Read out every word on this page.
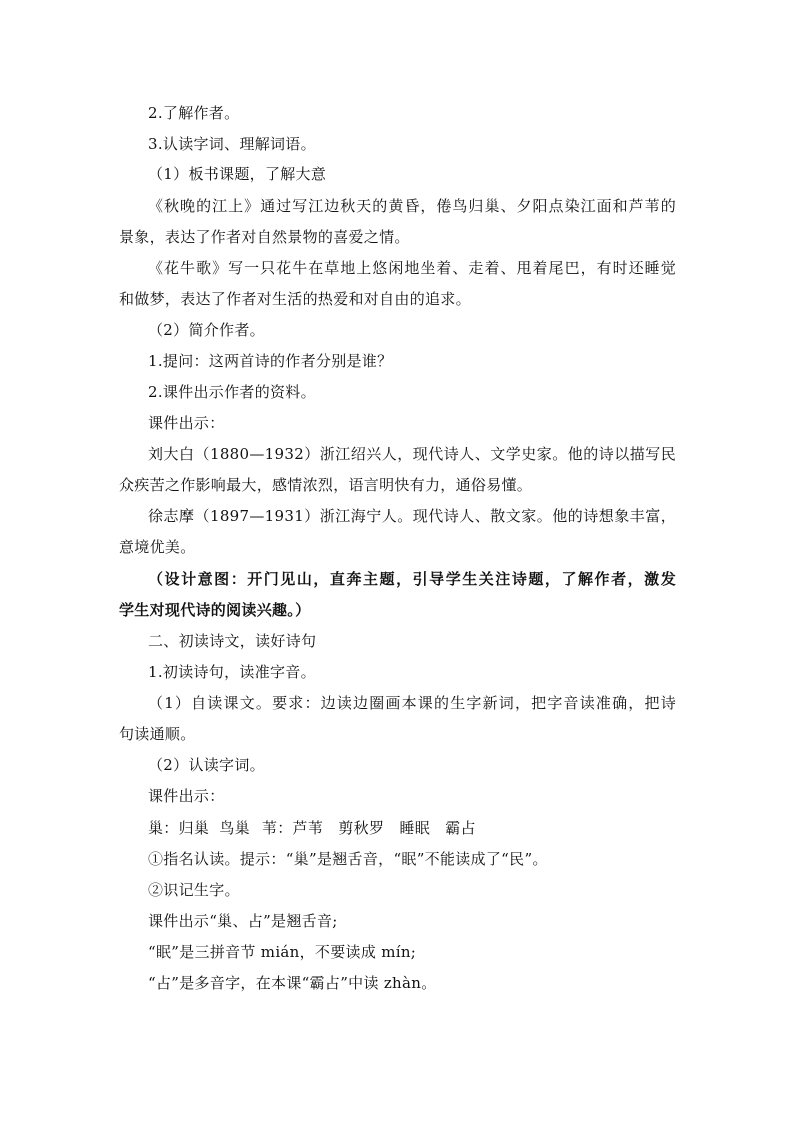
2.了解作者。
3.认读字词、理解词语。
（1）板书课题，了解大意
《秋晚的江上》通过写江边秋天的黄昏，倦鸟归巢、夕阳点染江面和芦苇的
景象，表达了作者对自然景物的喜爱之情。
《花牛歌》写一只花牛在草地上悠闲地坐着、走着、甩着尾巴，有时还睡觉
和做梦，表达了作者对生活的热爱和对自由的追求。
（2）简介作者。
1.提问：这两首诗的作者分别是谁？
2.课件出示作者的资料。
课件出示：
刘大白（1880—1932）浙江绍兴人，现代诗人、文学史家。他的诗以描写民
众疾苦之作影响最大，感情浓烈，语言明快有力，通俗易懂。
徐志摩（1897—1931）浙江海宁人。现代诗人、散文家。他的诗想象丰富，
意境优美。
（设计意图：开门见山，直奔主题，引导学生关注诗题，了解作者，激发
学生对现代诗的阅读兴趣。）
二、初读诗文，读好诗句
1.初读诗句，读准字音。
（1）自读课文。要求：边读边圈画本课的生字新词，把字音读准确，把诗
句读通顺。
（2）认读字词。
课件出示：
巢：归巢  鸟巢 苇：芦苇   剪秋罗   睡眠   霸占
①指名认读。提示：“巢”是翘舌音，“眠”不能读成了“民”。
②识记生字。
课件出示“巢、占”是翘舌音;
“眠”是三拼音节 mián，不要读成 mín;
“占”是多音字，在本课“霸占”中读 zhàn。
